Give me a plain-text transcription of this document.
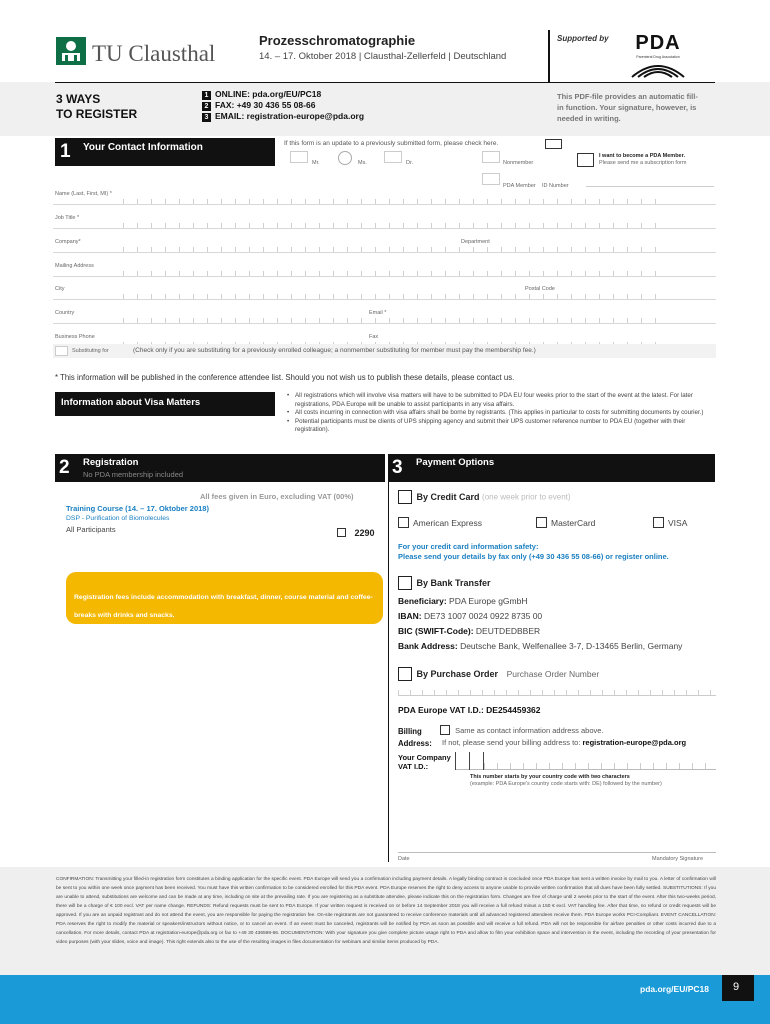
TU Clausthal
Prozesschromatographie
14. – 17. Oktober 2018 | Clausthal-Zellerfeld | Deutschland
Supported by	PDA
Parenteral Drug Association
3 WAYS
TO REGISTER
1 ONLINE: pda.org/EU/PC18
2 FAX: +49 30 436 55 08-66
3 EMAIL: registration-europe@pda.org
This PDF-file provides an automatic fill-in function. Your signature, however, is needed in writing.
1 Your Contact Information	If this form is an update to a previously submitted form, please check here.
Mr.	Ms.	Dr.	Nonmember
I want to become a PDA Member.
Please send me a subscription form
PDA Member ID Number
Name (Last, First, MI) *
Job Title *
Company*	Department
Mailing Address
City	Postal Code
Country	Email *
Business Phone	Fax
Substituting for	(Check only if you are substituting for a previously enrolled colleague; a nonmember substituting for member must pay the membership fee.)
* This information will be published in the conference attendee list. Should you not wish us to publish these details, please contact us.
Information about Visa Matters
• All registrations which will involve visa matters will have to be submitted to PDA EU four weeks prior to the start of the event at the latest. For later registrations, PDA Europe will be unable to assist participants in any visa affairs.
• All costs incurring in connection with visa affairs shall be borne by registrants. (This applies in particular to costs for submitting documents by courier.)
• Potential participants must be clients of UPS shipping agency and submit their UPS customer reference number to PDA EU (together with their registration).
2 Registration
No PDA membership included
All fees given in Euro, excluding VAT (00%)
Training Course (14. – 17. Oktober 2018)
DSP - Purification of Biomolecules
All Participants	2290
Registration fees include accommodation with breakfast, dinner, course material and coffee-breaks with drinks and snacks.
3 Payment Options
By Credit Card (one week prior to event)
American Express	MasterCard	VISA
For your credit card information safety:
Please send your details by fax only (+49 30 436 55 08-66) or register online.
By Bank Transfer
Beneficiary: PDA Europe gGmbH
IBAN: DE73 1007 0024 0922 8735 00
BIC (SWIFT-Code): DEUTDEDBBER
Bank Address: Deutsche Bank, Welfenallee 3-7, D-13465 Berlin, Germany
By Purchase Order Purchase Order Number
PDA Europe VAT I.D.: DE254459362
Billing
Address:
Same as contact information address above.
If not, please send your billing address to: registration-europe@pda.org
Your Company
VAT I.D.:
This number starts by your country code with two characters
(example: PDA Europe's country code starts with: DE) followed by the number)
Date	Mandatory Signature
CONFIRMATION: Transmitting your filled-in registration form constitutes a binding application for the specific event. PDA Europe will send you a confirmation including payment details. A legally binding contract is concluded once PDA Europe has sent a written invoice by mail to you. A letter of confirmation will be sent to you within one week once payment has been received. You must have this written confirmation to be considered enrolled for this PDA event. PDA Europe reserves the right to deny access to anyone unable to provide written confirmation that all dues have been fully settled. SUBSTITUTIONS: If you are unable to attend, substitutions are welcome and can be made at any time, including on site at the prevailing rate. If you are registering as a substitute attendee, please indicate this on the registration form. Changes are free of charge until 2 weeks prior to the start of the event. After this two-weeks period, there will be a charge of € 100 excl. VAT per name change. REFUNDS: Refund requests must be sent to PDA Europe. If your written request is received on or before 14 September 2018 you will receive a full refund minus a 150 € excl. VAT handling fee. After that time, no refund or credit requests will be approved. If you are an unpaid registrant and do not attend the event, you are responsible for paying the registration fee. On-site registrants are not guaranteed to receive conference materials until all advanced registered attendees receive them. PDA Europe works PCI-Compliant. EVENT CANCELLATION: PDA reserves the right to modify the material or speakers/instructors without notice, or to cancel an event. If an event must be canceled, registrants will be notified by PDA as soon as possible and will receive a full refund. PDA will not be responsible for airfare penalties or other costs incurred due to a cancellation. For more details, contact PDA at registration-europe@pda.org or fax to +49 30 436598-66. DOCUMENTATION: With your signature you give complete picture usage right to PDA and allow to film your exhibition space and intervention in the event, including the recording of your presentation for video purposes (with your slides, voice and image). This right extends also to the use of the resulting images in files documentation for webinars and similar items produced by PDA.
pda.org/EU/PC18 9
